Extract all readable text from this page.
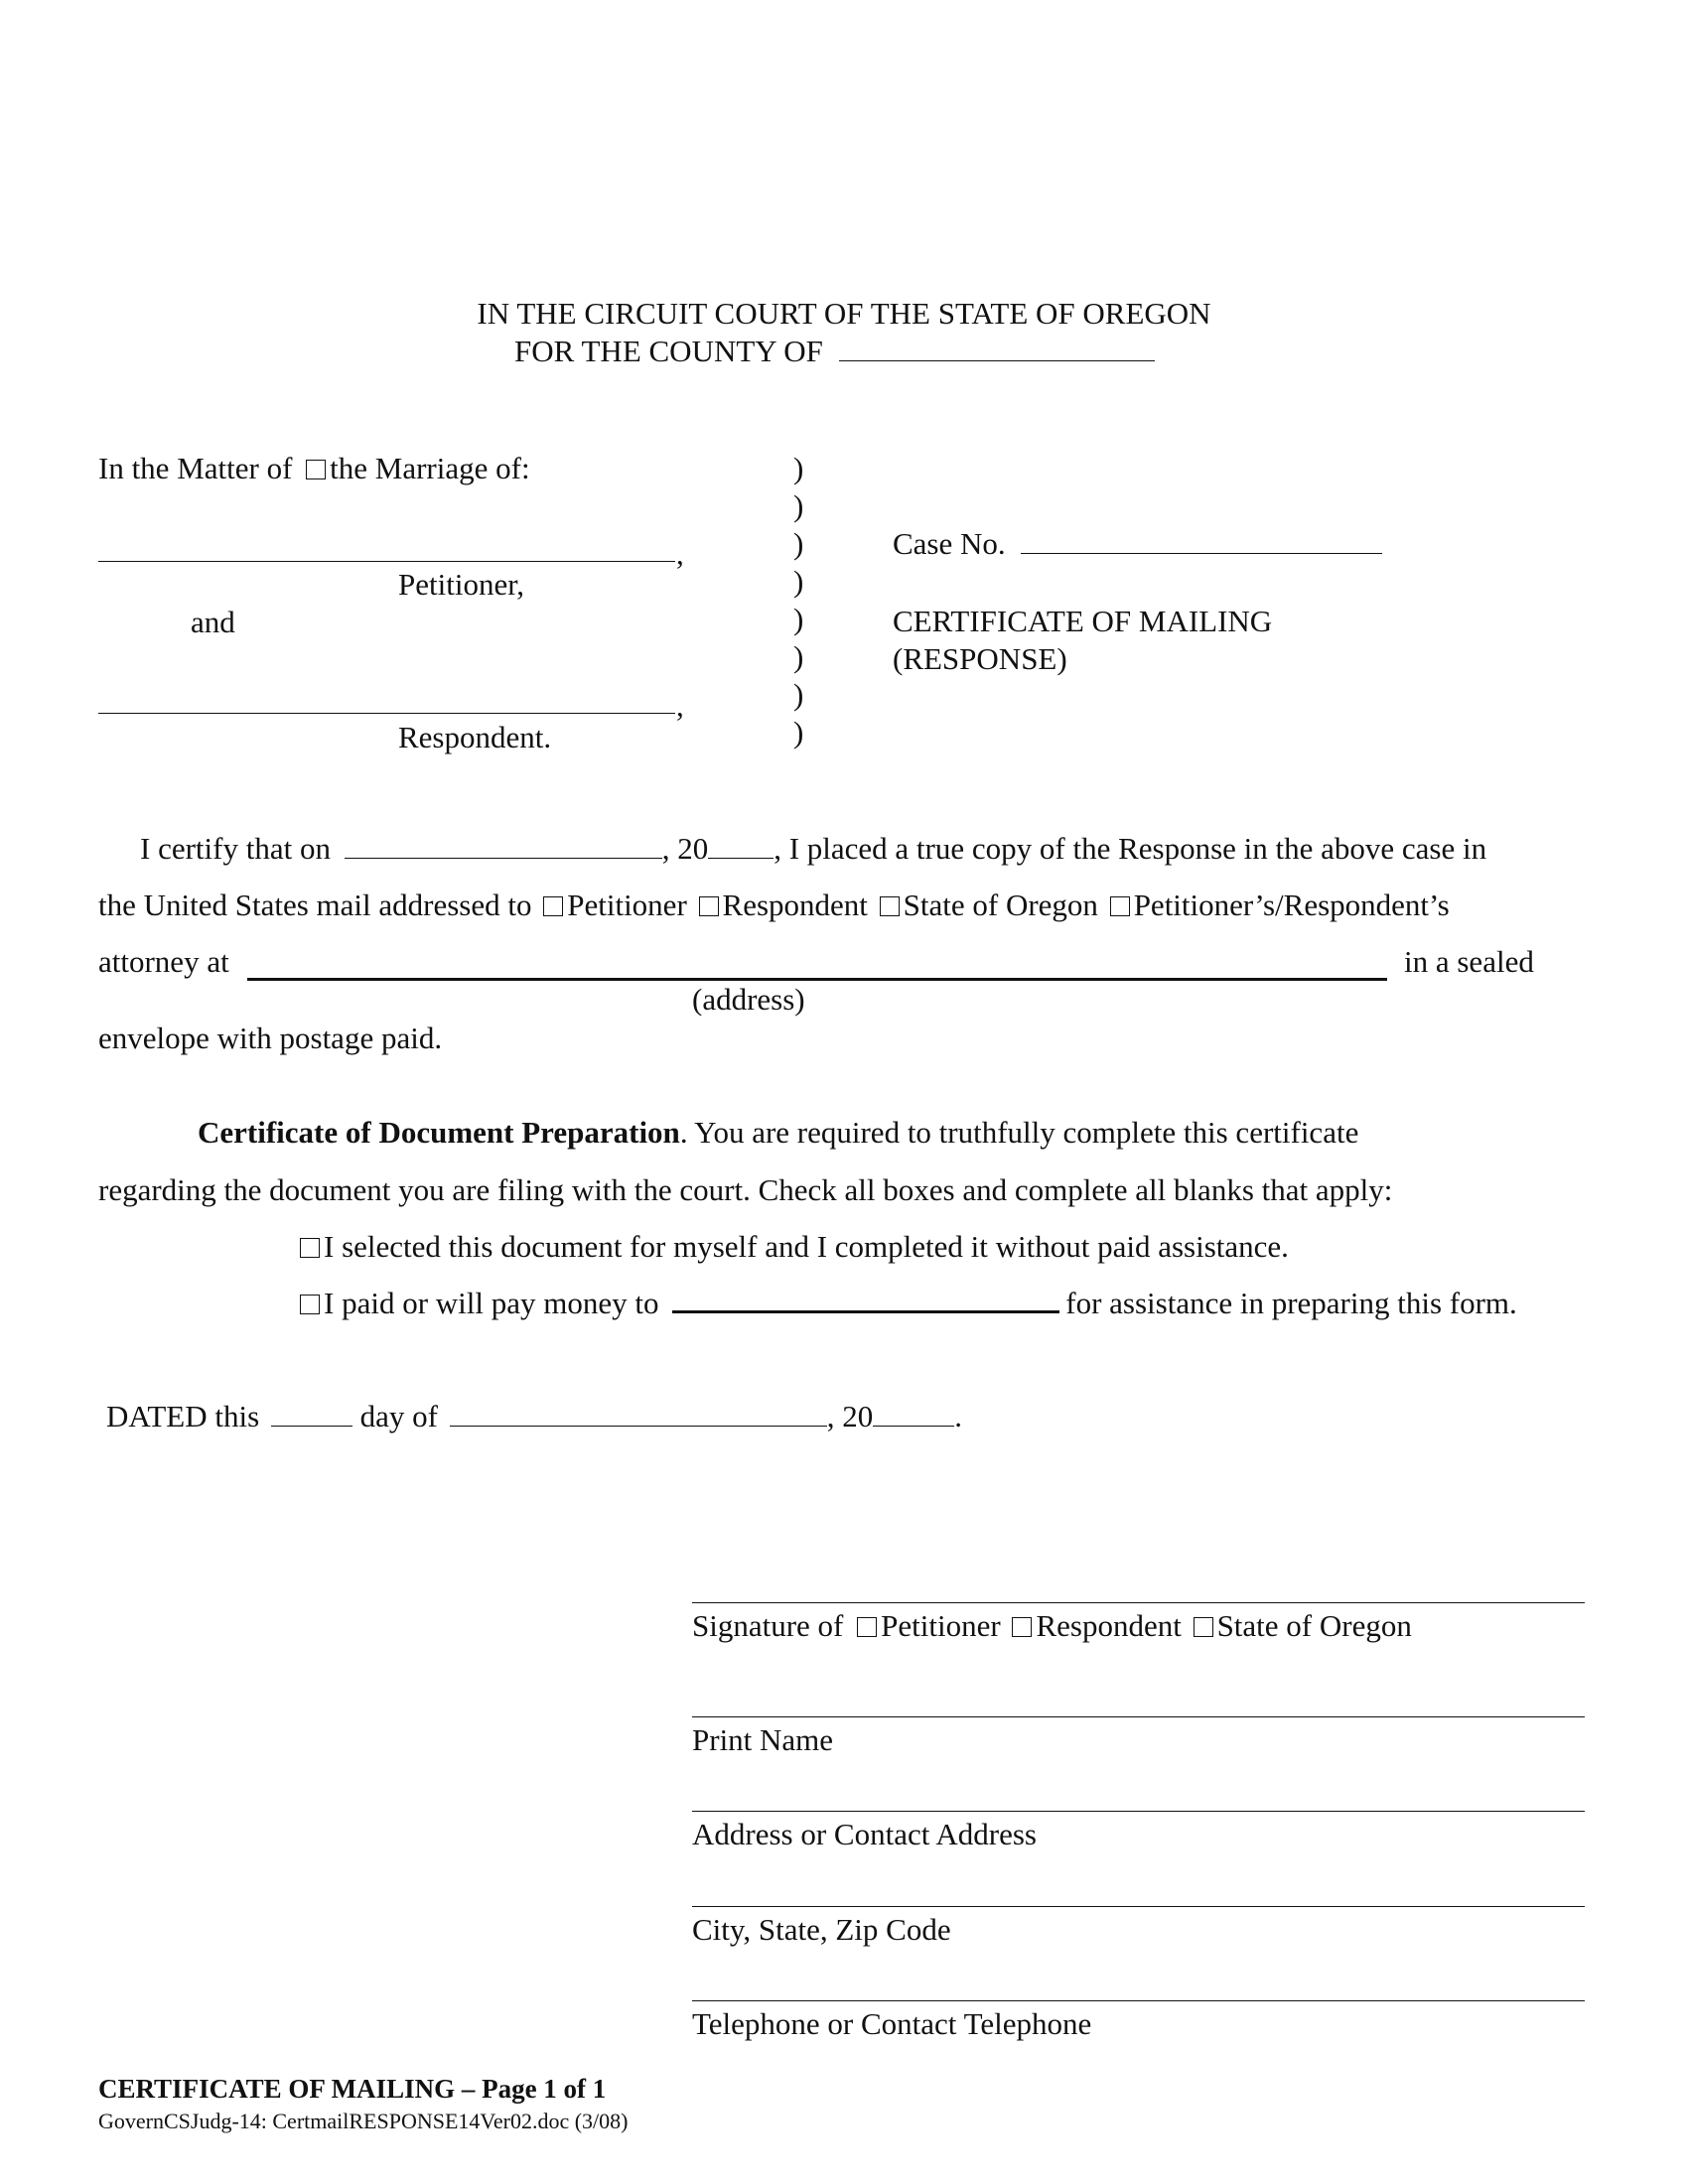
IN THE CIRCUIT COURT OF THE STATE OF OREGON
FOR THE COUNTY OF
In the Matter of the Marriage of:
,
Petitioner,
and
,
Respondent.
)
)
)
)
)
)
)
)
Case No.
CERTIFICATE OF MAILING
(RESPONSE)
I certify that on	, 20 , I placed a true copy of the Response in the above case in
the United States mail addressed to Petitioner Respondent State of Oregon Petitioner’s/Respondent’s
attorney at	in a sealed
(address)
envelope with postage paid.
Certificate of Document Preparation. You are required to truthfully complete this certificate
regarding the document you are filing with the court. Check all boxes and complete all blanks that apply:
I selected this document for myself and I completed it without paid assistance.
I paid or will pay money to	for assistance in preparing this form.
DATED this	day of	, 20	.
Signature of Petitioner Respondent State of Oregon
Print Name
Address or Contact Address
City, State, Zip Code
Telephone or Contact Telephone
CERTIFICATE OF MAILING – Page 1 of 1
GovernCSJudg-14: CertmailRESPONSE14Ver02.doc (3/08)
